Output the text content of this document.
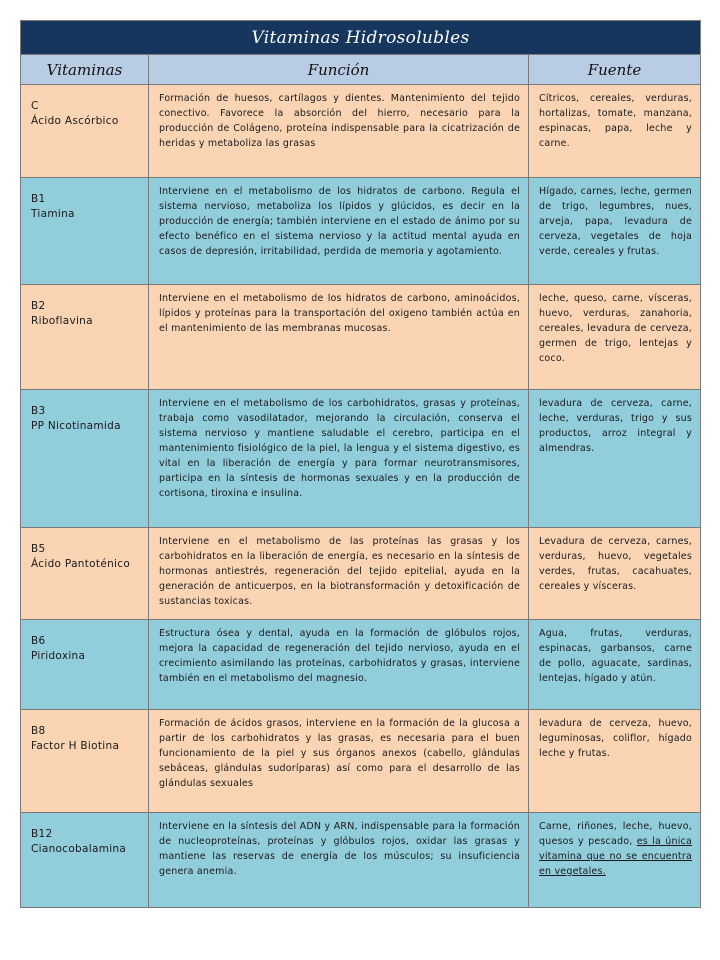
Vitaminas Hidrosolubles		
Vitaminas	Función	Fuente

C
Ácido Ascórbico	Formación de huesos, cartílagos y dientes. Mantenimiento del tejido conectivo. Favorece la absorción del hierro, necesario para la producción de Colágeno, proteína indispensable para la cicatrización de heridas y metaboliza las grasas	Cítricos, cereales, verduras, hortalizas, tomate, manzana, espinacas, papa, leche y carne.

B1
Tiamina	Interviene en el metabolismo de los hidratos de carbono. Regula el sistema nervioso, metaboliza los lípidos y glúcidos, es decir en la producción de energía; también interviene en el estado de ánimo por su efecto benéfico en el sistema nervioso y la actitud mental ayuda en casos de depresión, irritabilidad, perdida de memoria y agotamiento.	Hígado, carnes, leche, germen de trigo, legumbres, nues, arveja, papa, levadura de cerveza, vegetales de hoja verde, cereales y frutas.

B2
Riboflavina	Interviene en el metabolismo de los hidratos de carbono, aminoácidos, lípidos y proteínas para la transportación del oxigeno también actúa en el mantenimiento de las membranas mucosas.	leche, queso, carne, vísceras, huevo, verduras, zanahoria, cereales, levadura de cerveza, germen de trigo, lentejas y coco.

B3
PP Nicotinamida	Interviene en el metabolismo de los carbohidratos, grasas y proteínas, trabaja como vasodilatador, mejorando la circulación, conserva el sistema nervioso y mantiene saludable el cerebro, participa en el mantenimiento fisiológico de la piel, la lengua y el sistema digestivo, es vital en la liberación de energía y para formar neurotransmisores, participa en la síntesis de hormonas sexuales y en la producción de cortisona, tiroxina e insulina.	levadura de cerveza, carne, leche, verduras, trigo y sus productos, arroz integral y almendras.

B5
Ácido Pantoténico	Interviene en el metabolismo de las proteínas las grasas y los carbohidratos en la liberación de energía, es necesario en la síntesis de hormonas antiestrés, regeneración del tejido epitelial, ayuda en la generación de anticuerpos, en la biotransformación y detoxificación de sustancias toxicas.	Levadura de cerveza, carnes, verduras, huevo, vegetales verdes, frutas, cacahuates, cereales y vísceras.

B6
Piridoxina	Estructura ósea y dental, ayuda en la formación de glóbulos rojos, mejora la capacidad de regeneración del tejido nervioso, ayuda en el crecimiento asimilando las proteínas, carbohidratos y grasas, interviene también en el metabolismo del magnesio.	Agua, frutas, verduras, espinacas, garbansos, carne de pollo, aguacate, sardinas, lentejas, hígado y atún.

B8
Factor H Biotina	Formación de ácidos grasos, interviene en la formación de la glucosa a partir de los carbohidratos y las grasas, es necesaria para el buen funcionamiento de la piel y sus órganos anexos (cabello, glándulas sebáceas, glándulas sudoríparas) así como para el desarrollo de las glándulas sexuales	levadura de cerveza, huevo, leguminosas, coliflor, hígado leche y frutas.

B12
Cianocobalamina	Interviene en la síntesis del ADN y ARN, indispensable para la formación de nucleoproteínas, proteínas y glóbulos rojos, oxidar las grasas y mantiene las reservas de energía de los músculos; su insuficiencia genera anemia.	Carne, riñones, leche, huevo, quesos y pescado, es la única vitamina que no se encuentra en vegetales.
